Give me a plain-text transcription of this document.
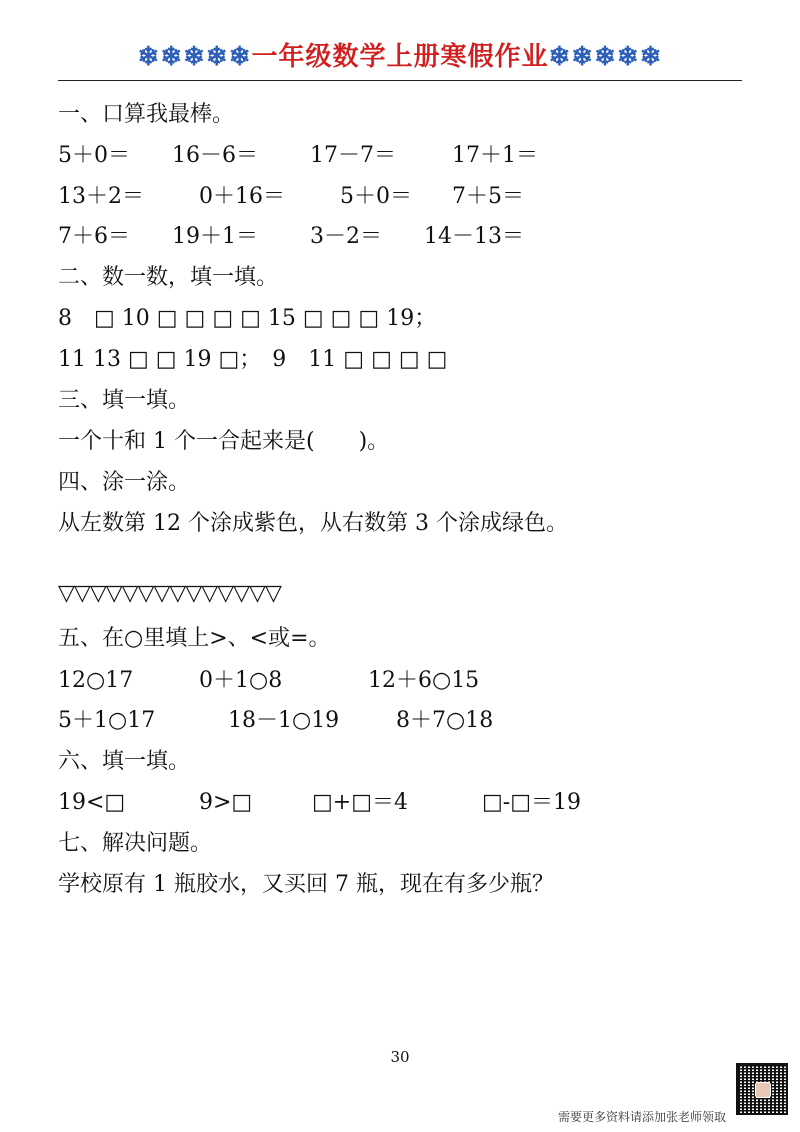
❄❄❄❄❄一年级数学上册寒假作业❄❄❄❄❄
一、口算我最棒。
5＋0＝ 16－6＝ 17－7＝	17＋1＝
13＋2＝	0＋16＝	5＋0＝ 7＋5＝
7＋6＝ 19＋1＝ 3－2＝ 14－13＝
二、数一数，填一填。
8　□ 10 □ □ □ □ 15 □ □ □ 19；
11 13 □ □ 19 □；　9　11 □ □ □ □
三、填一填。
一个十和 1 个一合起来是(　　)。
四、涂一涂。
从左数第 12 个涂成紫色，从右数第 3 个涂成绿色。
▽▽▽▽▽▽▽▽▽▽▽▽▽▽
五、在○里填上>、<或=。
12○17	0＋1○8	12＋6○15
5＋1○17	18－1○19	8＋7○18
六、填一填。
19<□	9>□	□+□＝4	□-□＝19
七、解决问题。
学校原有 1 瓶胶水，又买回 7 瓶，现在有多少瓶？
30
需要更多资料请添加张老师领取
